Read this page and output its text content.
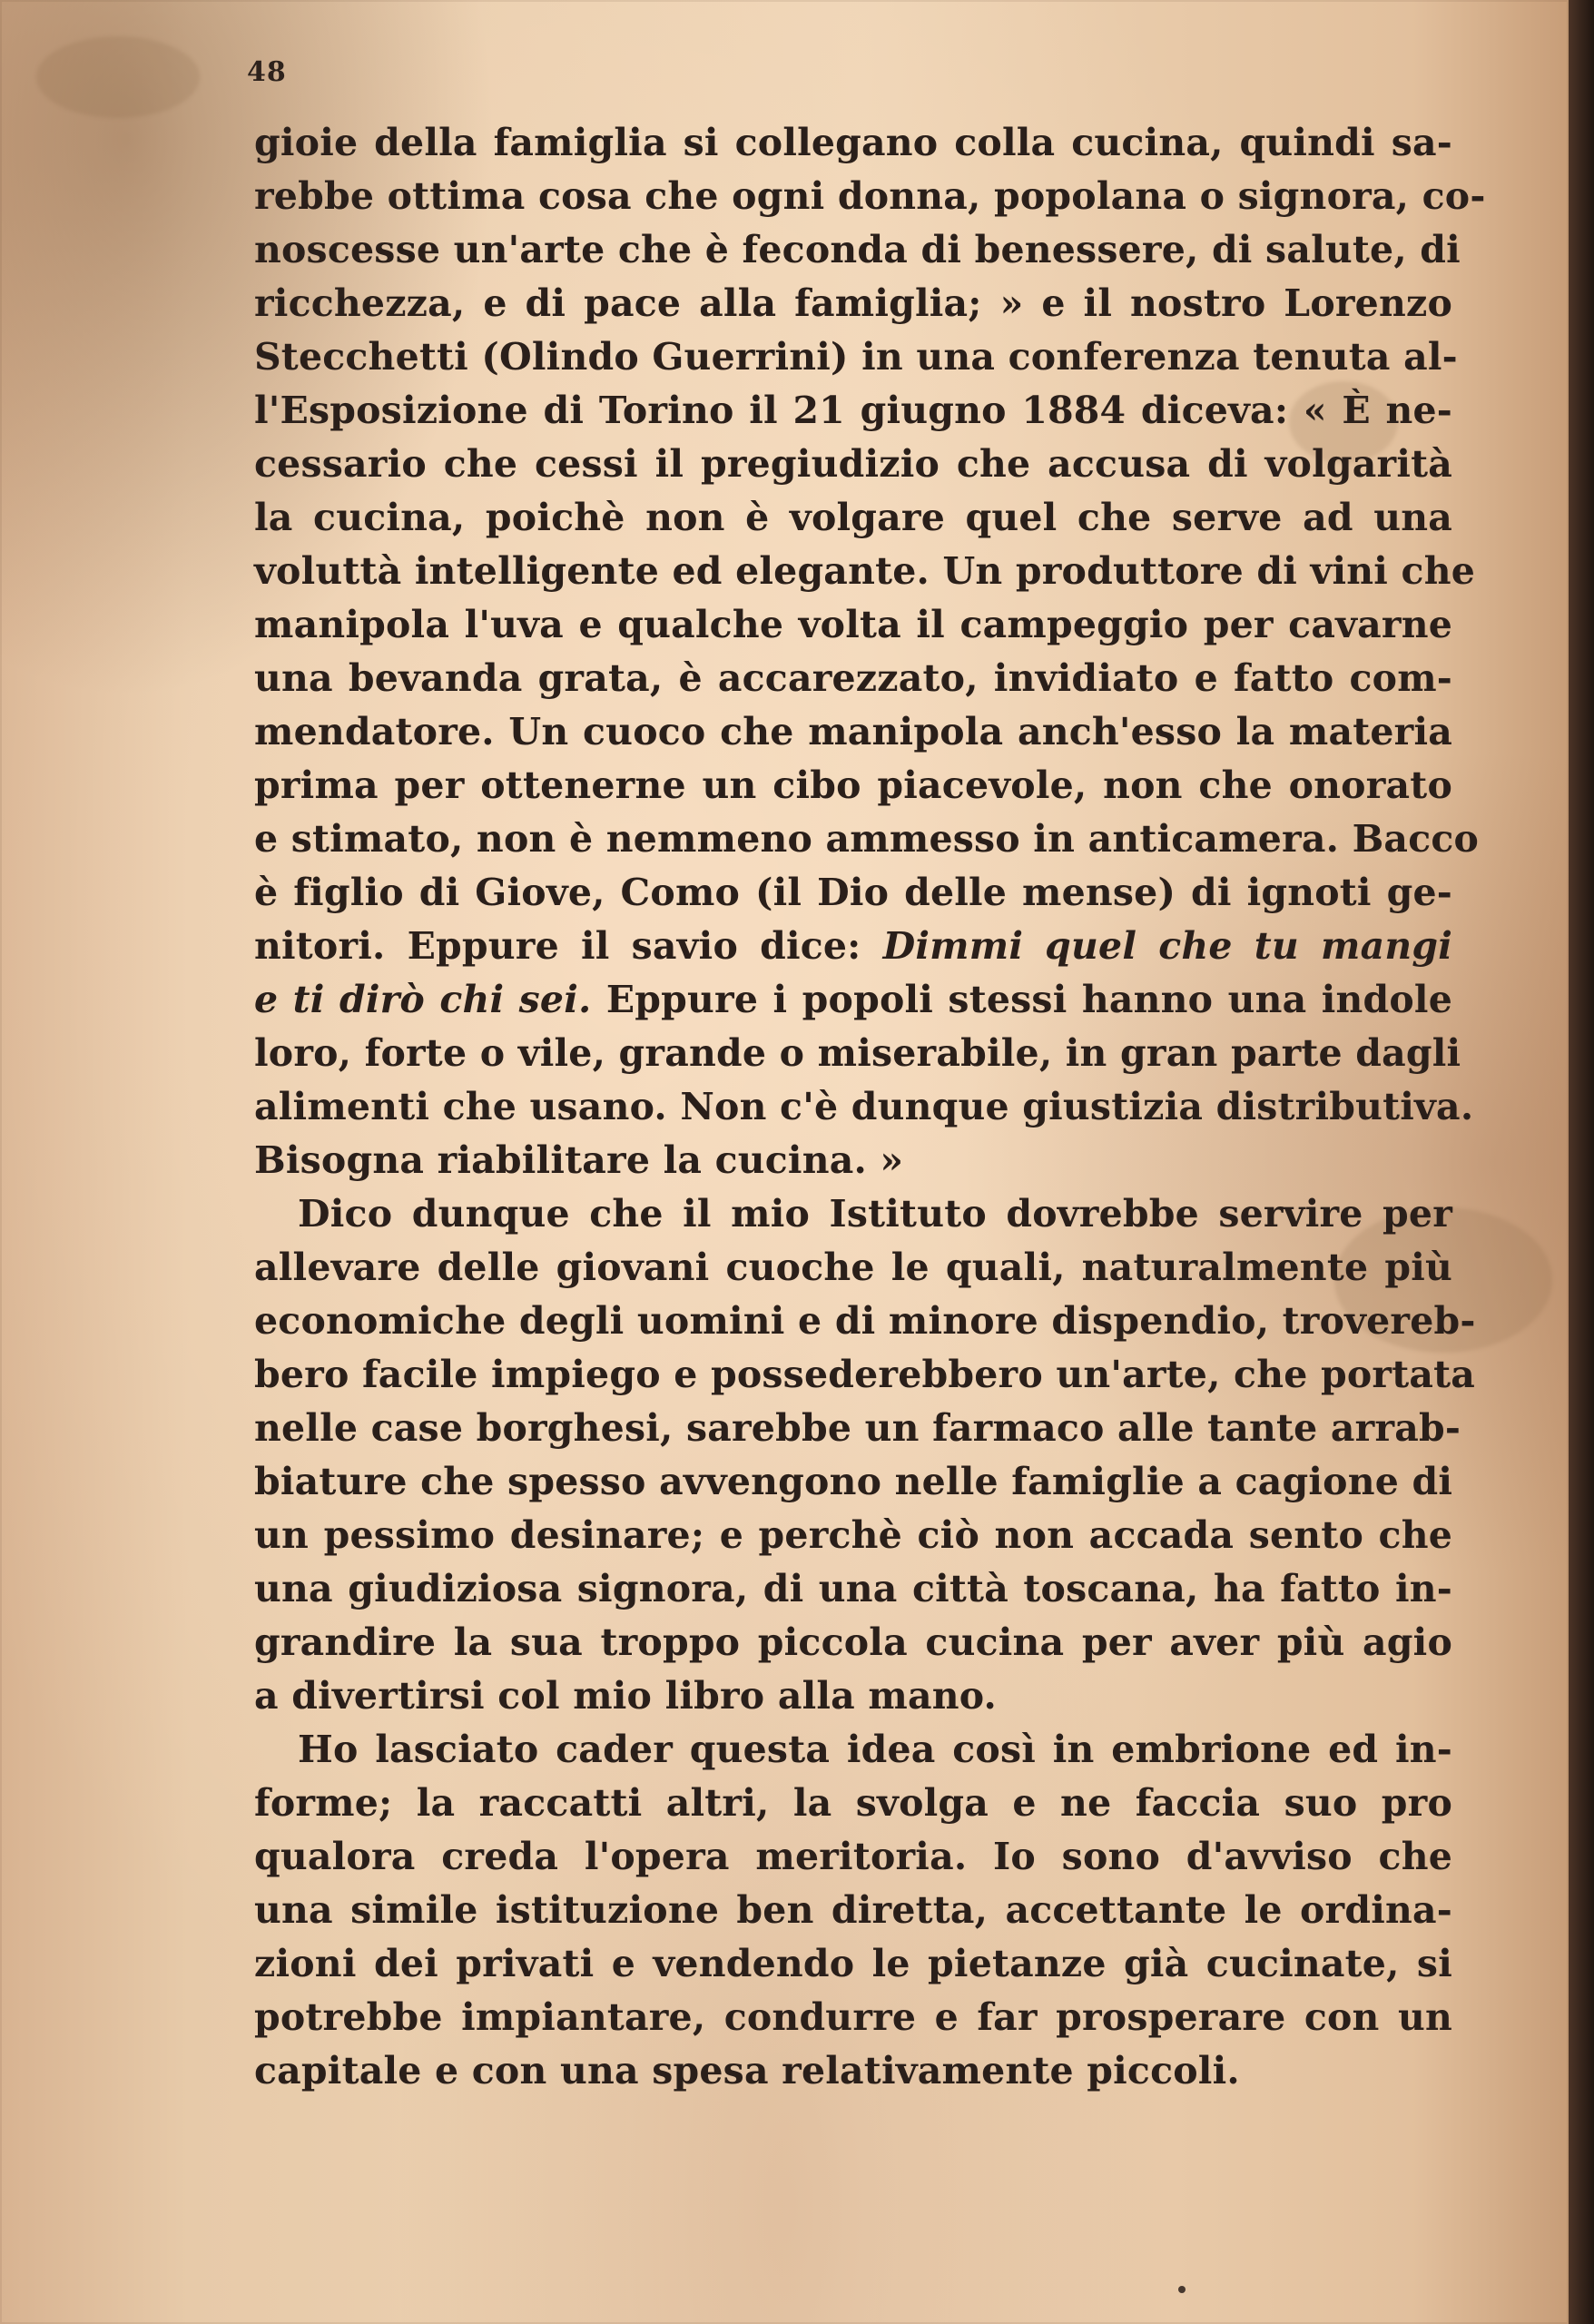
48
gioie della famiglia si collegano colla cucina, quindi sa-
rebbe ottima cosa che ogni donna, popolana o signora, co-
noscesse un'arte che è feconda di benessere, di salute, di
ricchezza, e di pace alla famiglia; » e il nostro Lorenzo
Stecchetti (Olindo Guerrini) in una conferenza tenuta al-
l'Esposizione di Torino il 21 giugno 1884 diceva: « È ne-
cessario che cessi il pregiudizio che accusa di volgarità
la cucina, poichè non è volgare quel che serve ad una
voluttà intelligente ed elegante. Un produttore di vini che
manipola l'uva e qualche volta il campeggio per cavarne
una bevanda grata, è accarezzato, invidiato e fatto com-
mendatore. Un cuoco che manipola anch'esso la materia
prima per ottenerne un cibo piacevole, non che onorato
e stimato, non è nemmeno ammesso in anticamera. Bacco
è figlio di Giove, Como (il Dio delle mense) di ignoti ge-
nitori. Eppure il savio dice: Dimmi quel che tu mangi
e ti dirò chi sei. Eppure i popoli stessi hanno una indole
loro, forte o vile, grande o miserabile, in gran parte dagli
alimenti che usano. Non c'è dunque giustizia distributiva.
Bisogna riabilitare la cucina. »
Dico dunque che il mio Istituto dovrebbe servire per
allevare delle giovani cuoche le quali, naturalmente più
economiche degli uomini e di minore dispendio, trovereb-
bero facile impiego e possederebbero un'arte, che portata
nelle case borghesi, sarebbe un farmaco alle tante arrab-
biature che spesso avvengono nelle famiglie a cagione di
un pessimo desinare; e perchè ciò non accada sento che
una giudiziosa signora, di una città toscana, ha fatto in-
grandire la sua troppo piccola cucina per aver più agio
a divertirsi col mio libro alla mano.
Ho lasciato cader questa idea così in embrione ed in-
forme; la raccatti altri, la svolga e ne faccia suo pro
qualora creda l'opera meritoria. Io sono d'avviso che
una simile istituzione ben diretta, accettante le ordina-
zioni dei privati e vendendo le pietanze già cucinate, si
potrebbe impiantare, condurre e far prosperare con un
capitale e con una spesa relativamente piccoli.
